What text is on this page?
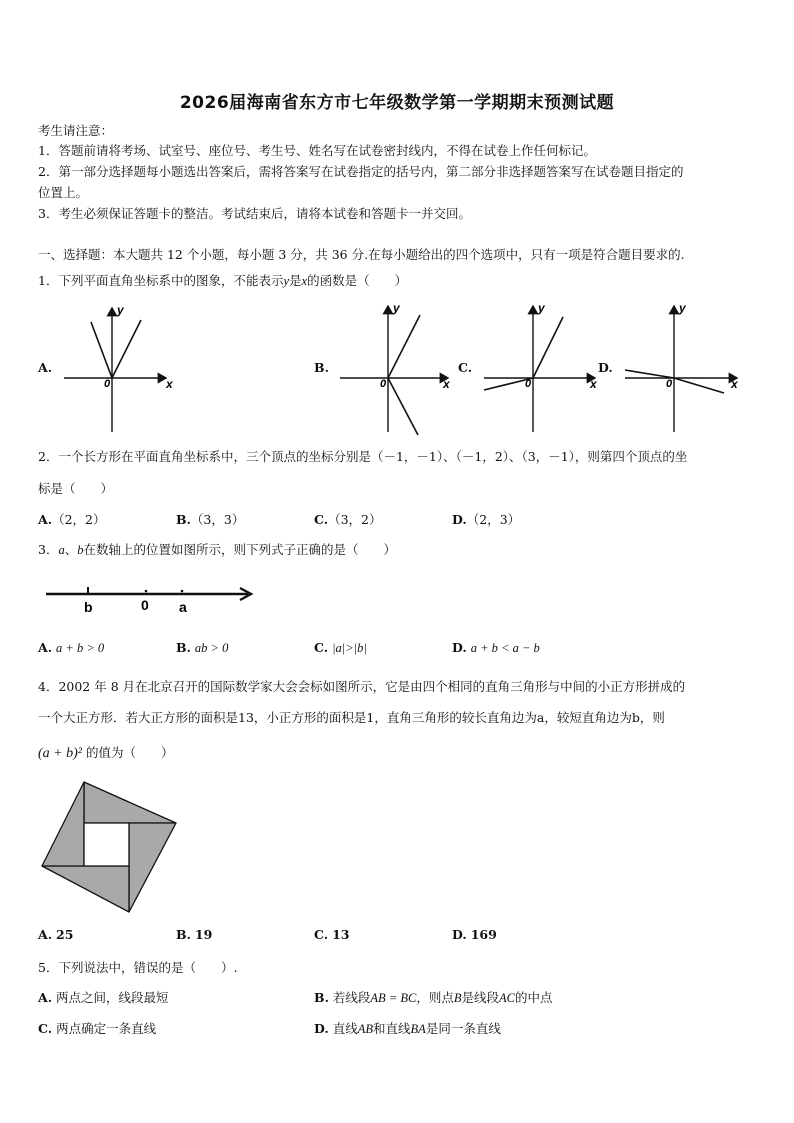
2026届海南省东方市七年级数学第一学期期末预测试题
考生请注意：
1．答题前请将考场、试室号、座位号、考生号、姓名写在试卷密封线内，不得在试卷上作任何标记。
2．第一部分选择题每小题选出答案后，需将答案写在试卷指定的括号内，第二部分非选择题答案写在试卷题目指定的
位置上。
3．考生必须保证答题卡的整洁。考试结束后，请将本试卷和答题卡一并交回。
一、选择题：本大题共 12 个小题，每小题 3 分，共 36 分.在每小题给出的四个选项中，只有一项是符合题目要求的.
1．下列平面直角坐标系中的图象，不能表示y是x的函数是（　　）
A.	B.	C.	D.
y
x
0
y
x
0
y
x
0
y
x
0
2．一个长方形在平面直角坐标系中，三个顶点的坐标分别是（－1，－1）、（－1，2）、（3，－1），则第四个顶点的坐
标是（　　）
A.（2，2）	B.（3，3）	C.（3，2）	D.（2，3）
3．a、b在数轴上的位置如图所示，则下列式子正确的是（　　）
b	0 a
A. a + b > 0	B. ab > 0	C. |a|>|b|	D. a + b < a − b
4．2002 年 8 月在北京召开的国际数学家大会会标如图所示，它是由四个相同的直角三角形与中间的小正方形拼成的
一个大正方形．若大正方形的面积是13，小正方形的面积是1，直角三角形的较长直角边为a，较短直角边为b，则
(a + b)² 的值为（　　）
A. 25	B. 19	C. 13	D. 169
5．下列说法中，错误的是（　　）.
A. 两点之间，线段最短	B. 若线段AB = BC，则点B是线段AC的中点
C. 两点确定一条直线	D. 直线AB和直线BA是同一条直线
